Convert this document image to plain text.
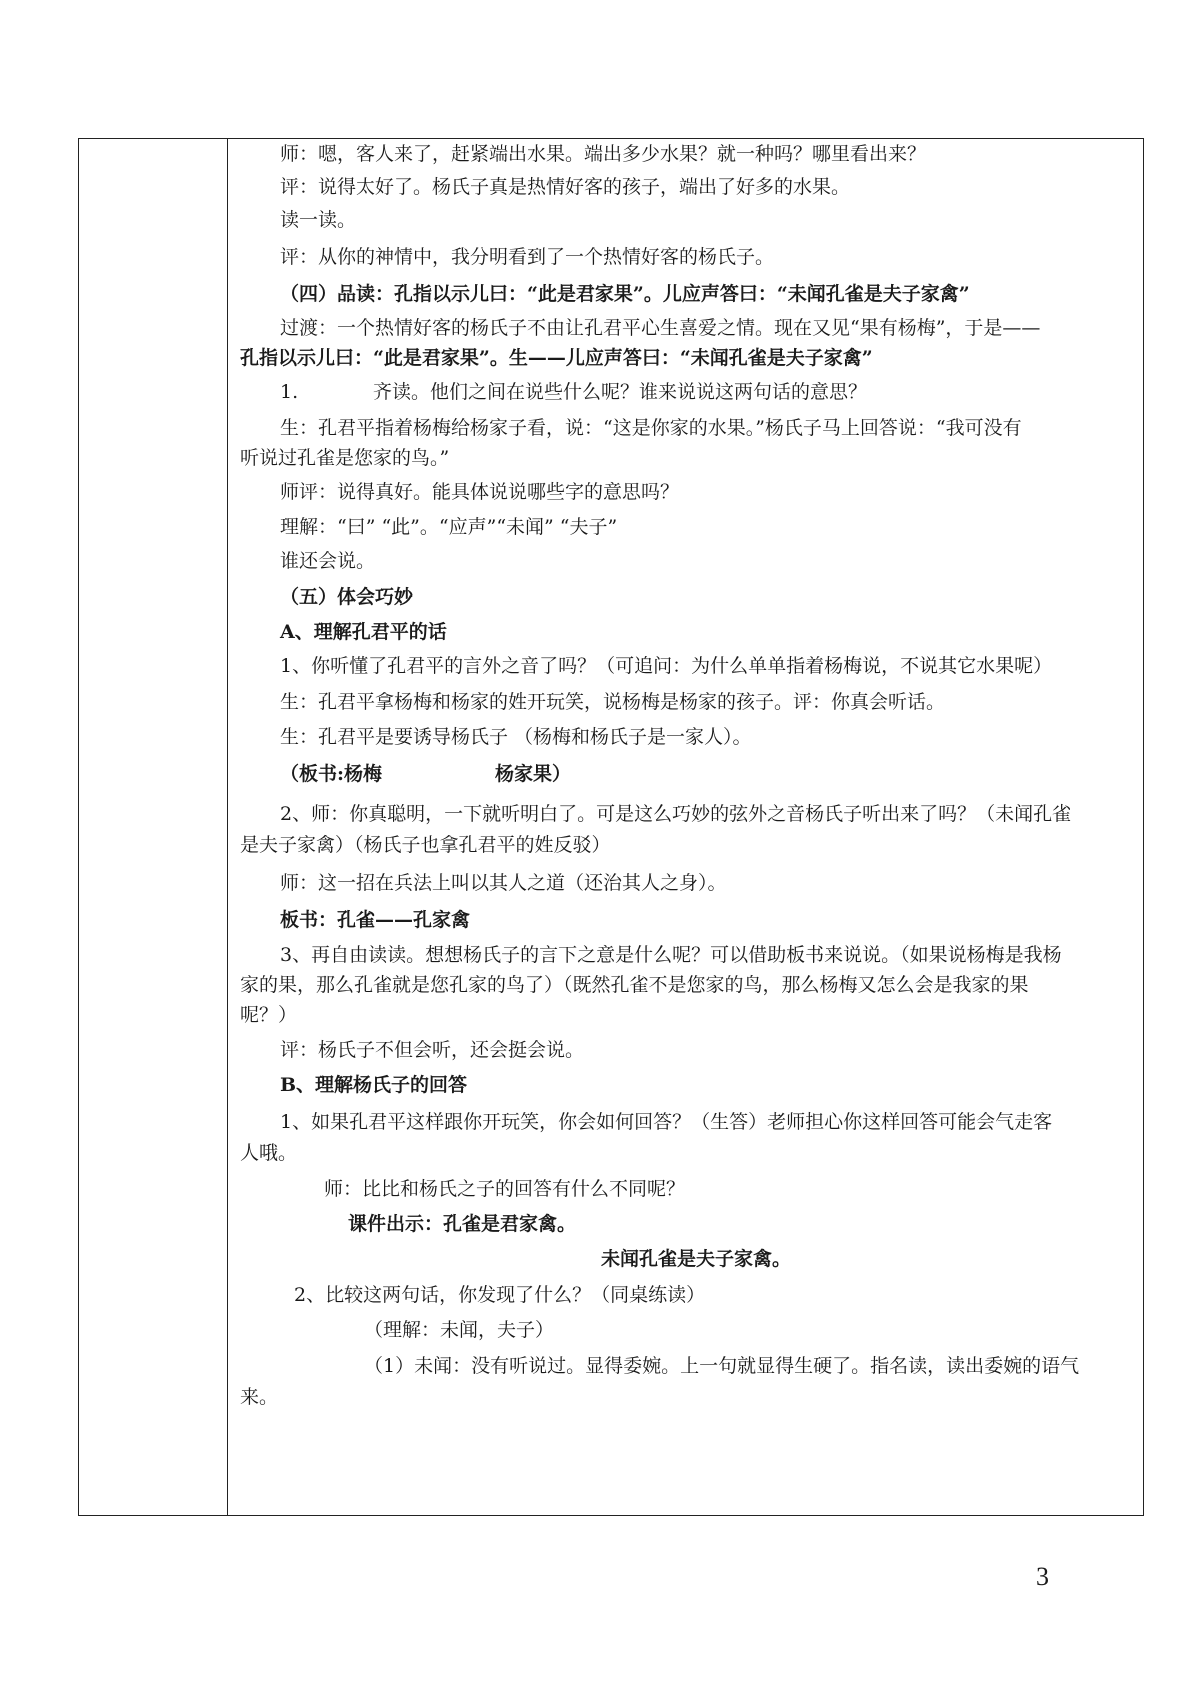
师：嗯，客人来了，赶紧端出水果。端出多少水果？就一种吗？哪里看出来？
评：说得太好了。杨氏子真是热情好客的孩子，端出了好多的水果。
读一读。
评：从你的神情中，我分明看到了一个热情好客的杨氏子。
（四）品读：孔指以示儿曰：“此是君家果”。儿应声答曰：“未闻孔雀是夫子家禽”
过渡：一个热情好客的杨氏子不由让孔君平心生喜爱之情。现在又见“果有杨梅”，于是——
孔指以示儿曰：“此是君家果”。生——儿应声答曰：“未闻孔雀是夫子家禽”
1.	齐读。他们之间在说些什么呢？谁来说说这两句话的意思？
生：孔君平指着杨梅给杨家子看，说：“这是你家的水果。”杨氏子马上回答说：“我可没有
听说过孔雀是您家的鸟。”
师评：说得真好。能具体说说哪些字的意思吗？
理解：“曰” “此”。“应声”“未闻” “夫子”
谁还会说。
（五）体会巧妙
A、理解孔君平的话
1、你听懂了孔君平的言外之音了吗？（可追问：为什么单单指着杨梅说，不说其它水果呢）
生：孔君平拿杨梅和杨家的姓开玩笑，说杨梅是杨家的孩子。评：你真会听话。
生：孔君平是要诱导杨氏子 （杨梅和杨氏子是一家人）。
（板书:杨梅	杨家果）
2、师：你真聪明，一下就听明白了。可是这么巧妙的弦外之音杨氏子听出来了吗？（未闻孔雀
是夫子家禽）（杨氏子也拿孔君平的姓反驳）
师：这一招在兵法上叫以其人之道（还治其人之身）。
板书：孔雀——孔家禽
3、再自由读读。想想杨氏子的言下之意是什么呢？可以借助板书来说说。（如果说杨梅是我杨
家的果，那么孔雀就是您孔家的鸟了）（既然孔雀不是您家的鸟，那么杨梅又怎么会是我家的果
呢？）
评：杨氏子不但会听，还会挺会说。
B、理解杨氏子的回答
1、如果孔君平这样跟你开玩笑，你会如何回答？（生答）老师担心你这样回答可能会气走客
人哦。
师：比比和杨氏之子的回答有什么不同呢？
课件出示：孔雀是君家禽。
未闻孔雀是夫子家禽。
2、比较这两句话，你发现了什么？（同桌练读）
（理解：未闻，夫子）
（1）未闻：没有听说过。显得委婉。上一句就显得生硬了。指名读，读出委婉的语气
来。
3
